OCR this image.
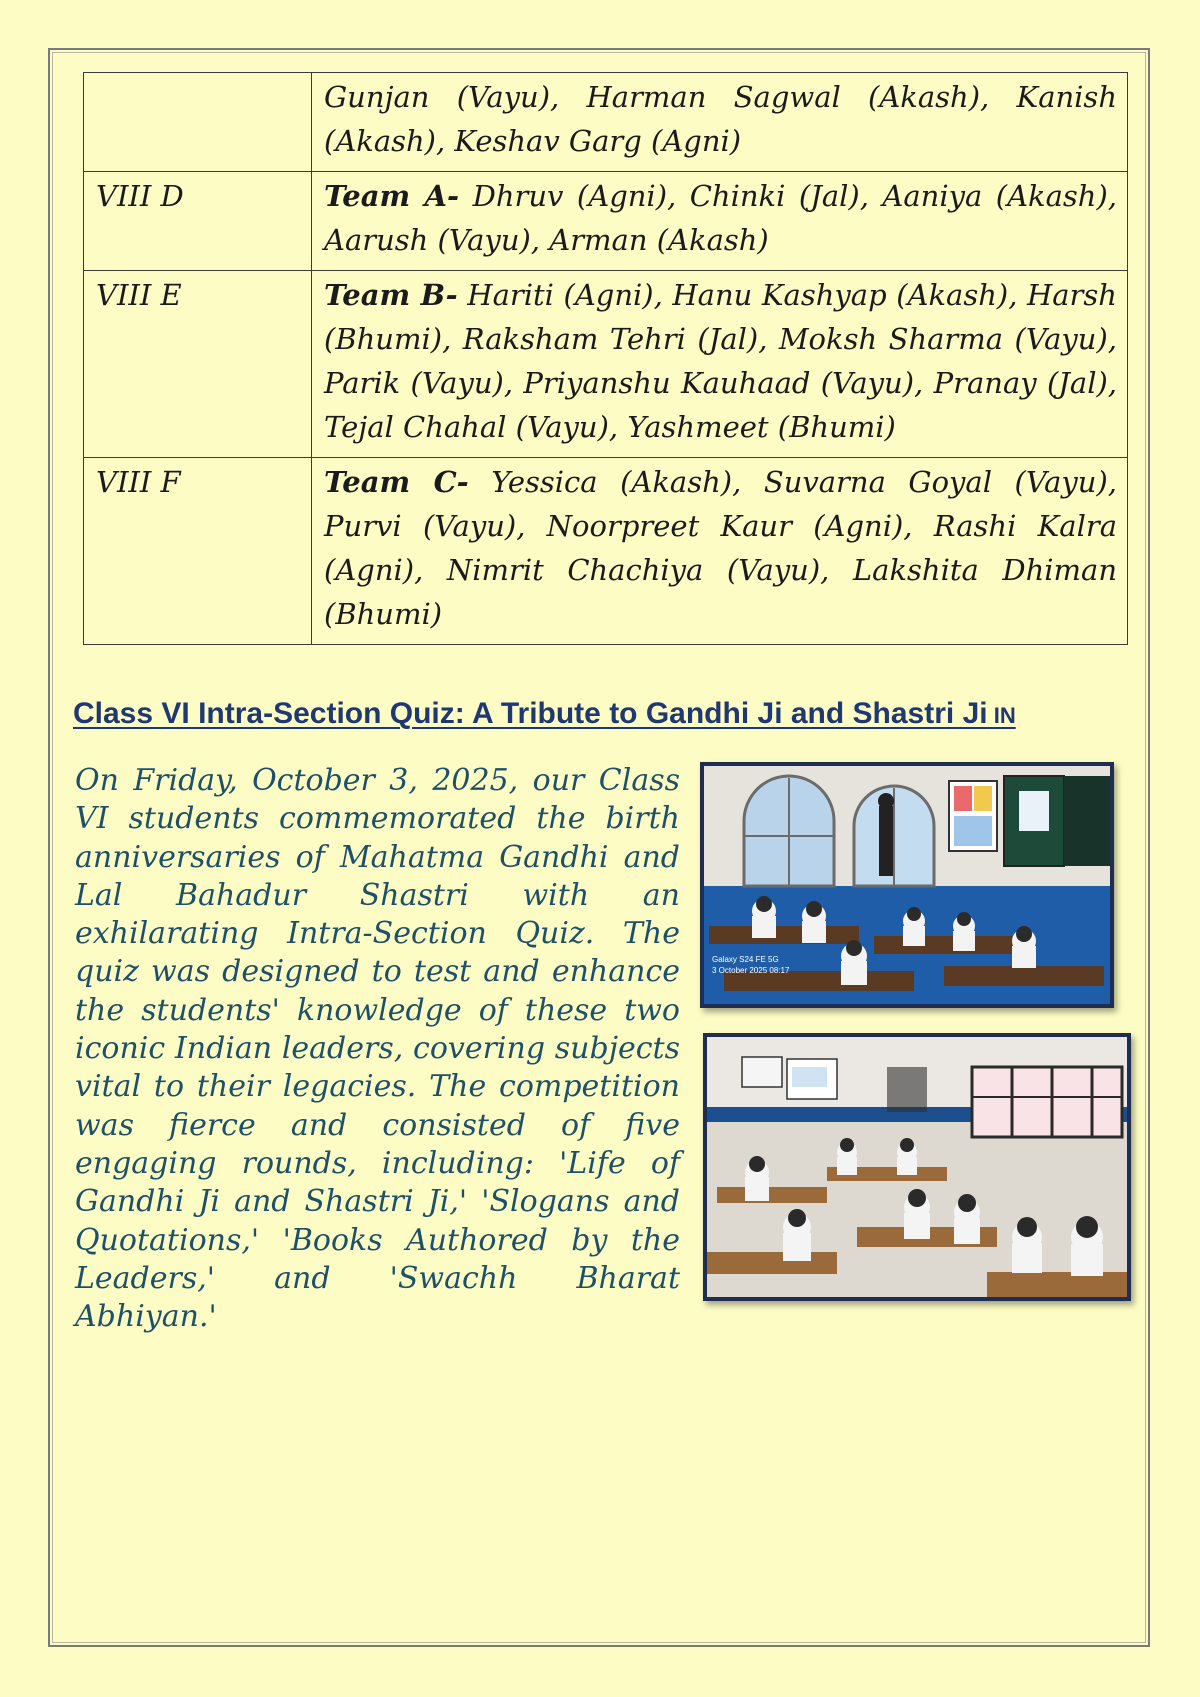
	Gunjan (Vayu), Harman Sagwal (Akash), Kanish (Akash), Keshav Garg (Agni)
VIII D	Team A- Dhruv (Agni), Chinki (Jal), Aaniya (Akash), Aarush (Vayu), Arman (Akash)
VIII E	Team B- Hariti (Agni), Hanu Kashyap (Akash), Harsh (Bhumi), Raksham Tehri (Jal), Moksh Sharma (Vayu), Parik (Vayu), Priyanshu Kauhaad (Vayu), Pranay (Jal), Tejal Chahal (Vayu), Yashmeet (Bhumi)
VIII F	Team C- Yessica (Akash), Suvarna Goyal (Vayu), Purvi (Vayu), Noorpreet Kaur (Agni), Rashi Kalra (Agni), Nimrit Chachiya (Vayu), Lakshita Dhiman (Bhumi)
Class VI Intra-Section Quiz: A Tribute to Gandhi Ji and Shastri Ji IN

On Friday, October 3, 2025, our Class VI students commemorated the birth anniversaries of Mahatma Gandhi and Lal Bahadur Shastri with an exhilarating Intra-Section Quiz. The quiz was designed to test and enhance the students' knowledge of these two iconic Indian leaders, covering subjects vital to their legacies. The competition was fierce and consisted of five engaging rounds, including: 'Life of Gandhi Ji and Shastri Ji,' 'Slogans and Quotations,' 'Books Authored by the Leaders,' and 'Swachh Bharat Abhiyan.'

Galaxy S24 FE 5G
3 October 2025 08:17
